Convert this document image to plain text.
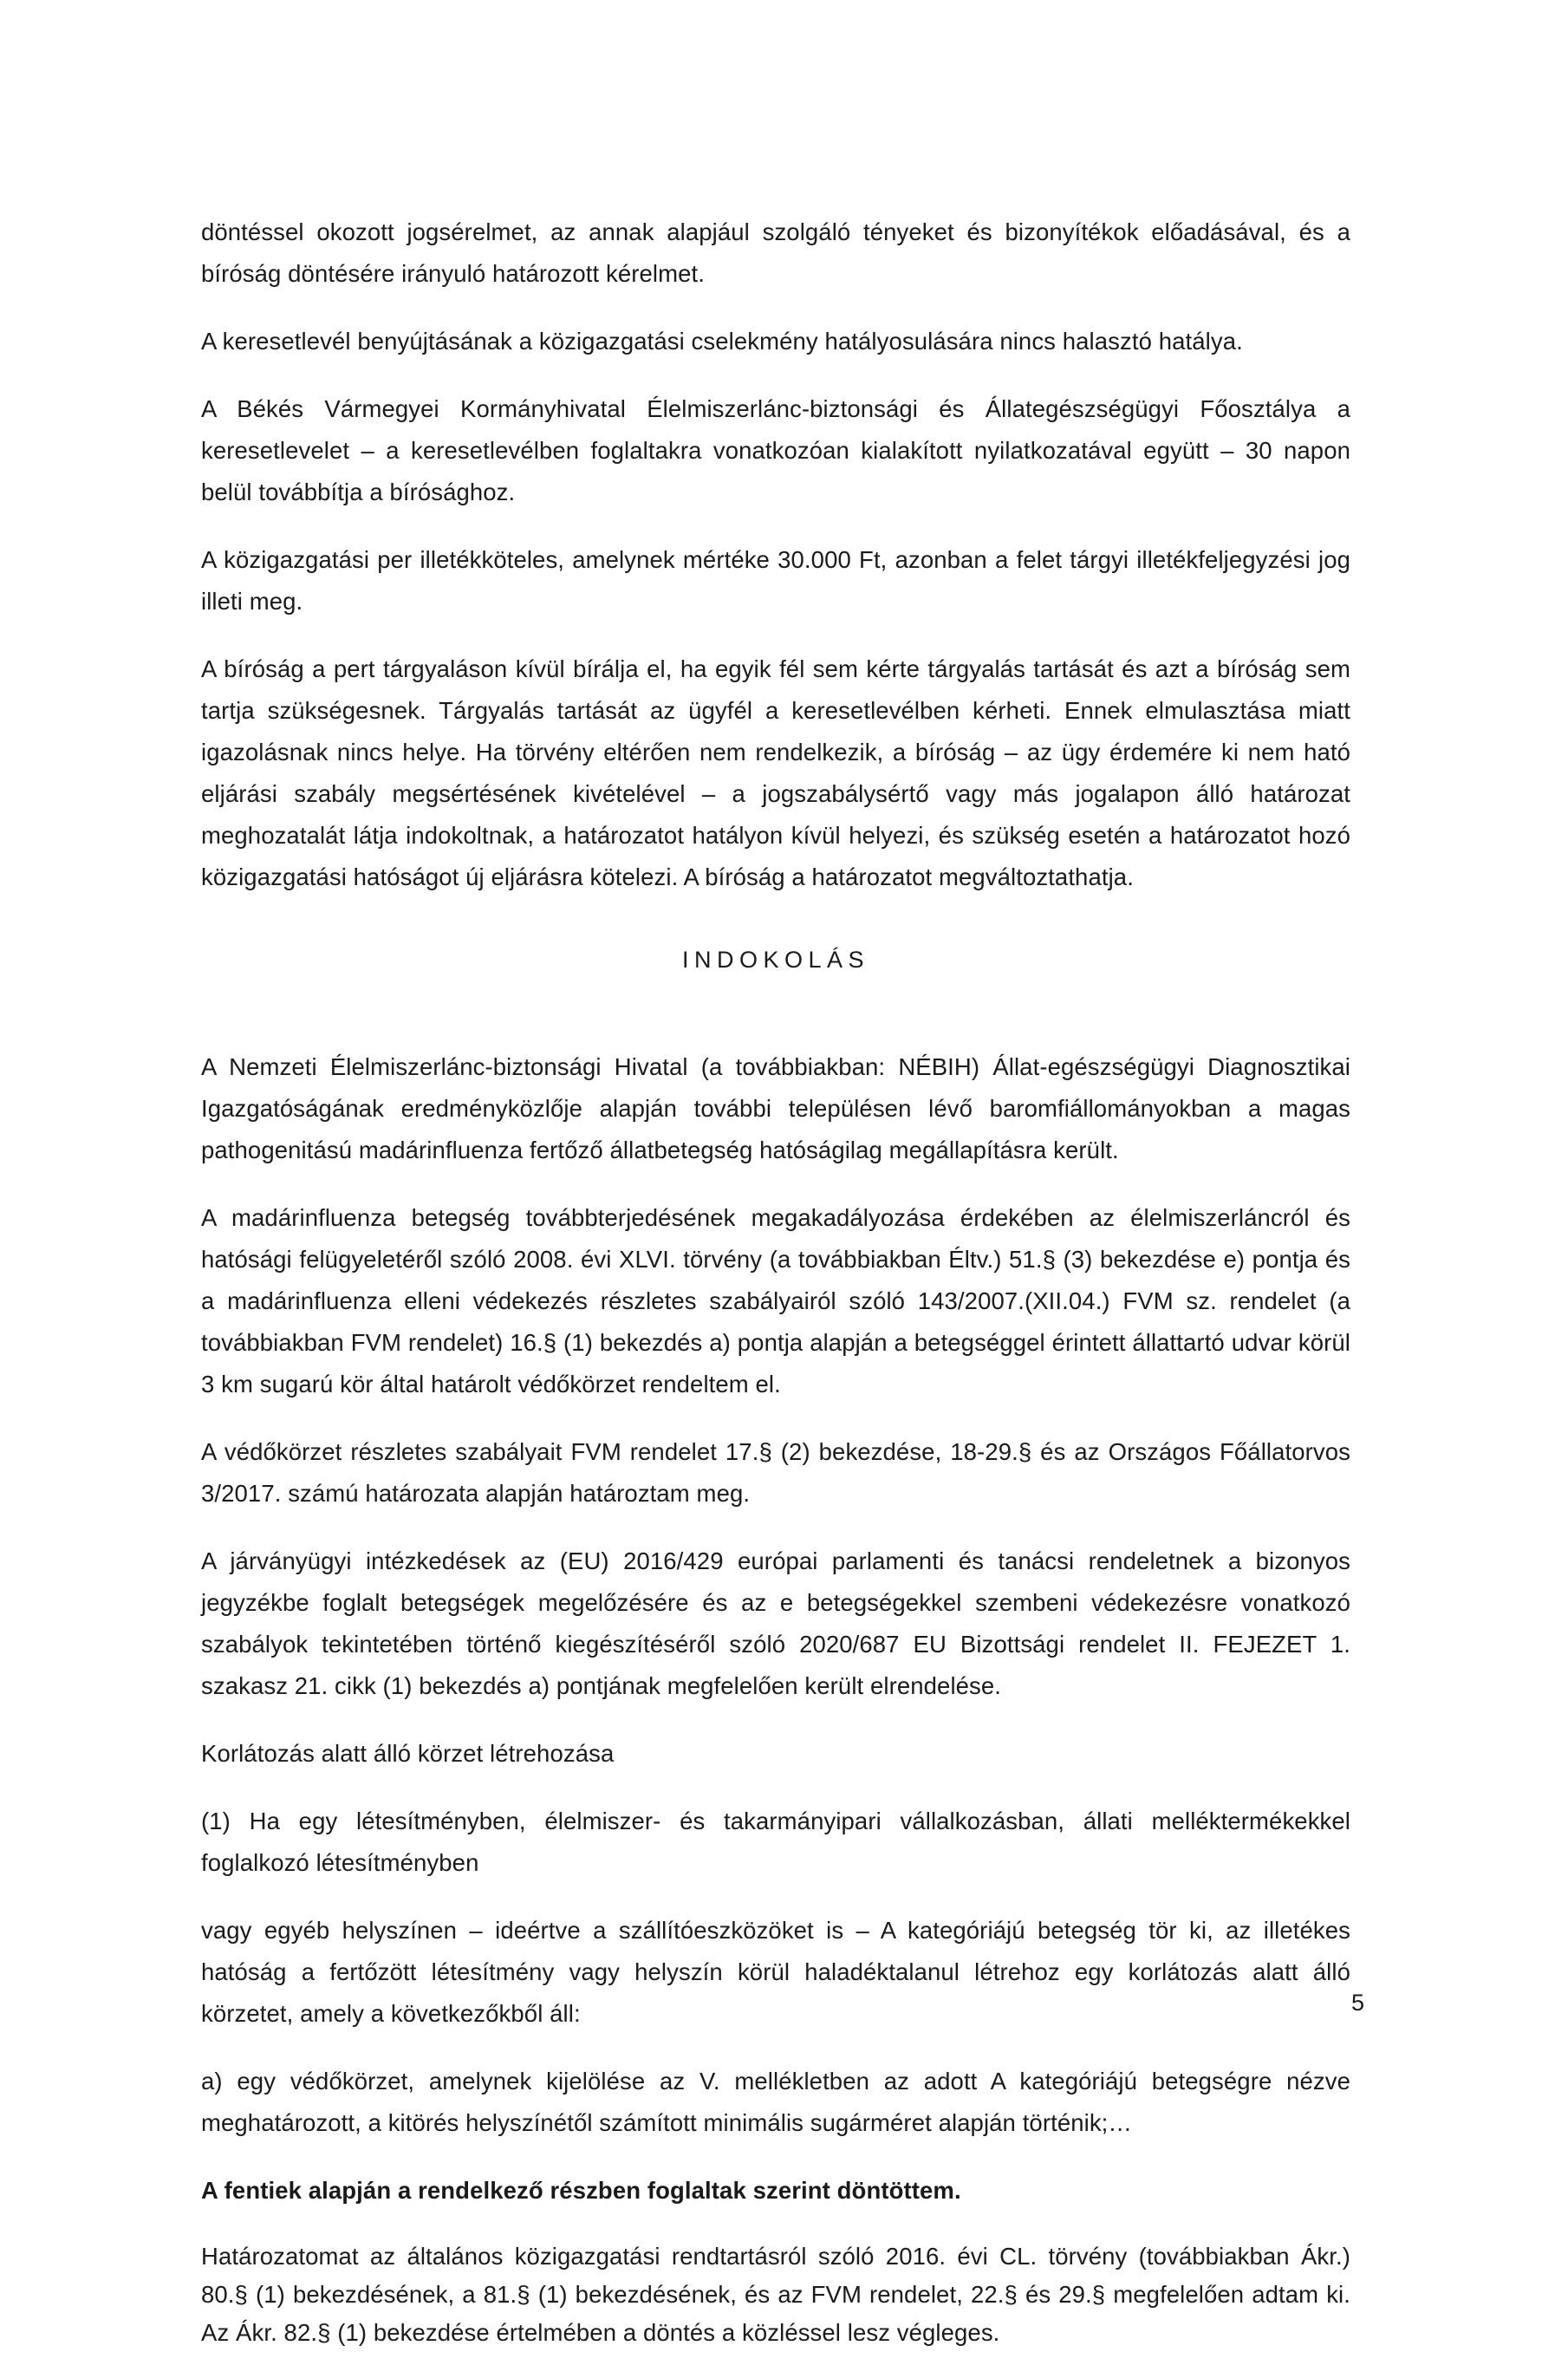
döntéssel okozott jogsérelmet, az annak alapjául szolgáló tényeket és bizonyítékok előadásával, és a bíróság döntésére irányuló határozott kérelmet.

A keresetlevél benyújtásának a közigazgatási cselekmény hatályosulására nincs halasztó hatálya.

A Békés Vármegyei Kormányhivatal Élelmiszerlánc-biztonsági és Állategészségügyi Főosztálya a keresetlevelet – a keresetlevélben foglaltakra vonatkozóan kialakított nyilatkozatával együtt – 30 napon belül továbbítja a bírósághoz.

A közigazgatási per illetékköteles, amelynek mértéke 30.000 Ft, azonban a felet tárgyi illetékfeljegyzési jog illeti meg.

A bíróság a pert tárgyaláson kívül bírálja el, ha egyik fél sem kérte tárgyalás tartását és azt a bíróság sem tartja szükségesnek. Tárgyalás tartását az ügyfél a keresetlevélben kérheti. Ennek elmulasztása miatt igazolásnak nincs helye. Ha törvény eltérően nem rendelkezik, a bíróság – az ügy érdemére ki nem ható eljárási szabály megsértésének kivételével – a jogszabálysértő vagy más jogalapon álló határozat meghozatalát látja indokoltnak, a határozatot hatályon kívül helyezi, és szükség esetén a határozatot hozó közigazgatási hatóságot új eljárásra kötelezi. A bíróság a határozatot megváltoztathatja.

INDOKOLÁS

A Nemzeti Élelmiszerlánc-biztonsági Hivatal (a továbbiakban: NÉBIH) Állat-egészségügyi Diagnosztikai Igazgatóságának eredményközlője alapján további településen lévő baromfiállományokban a magas pathogenitású madárinfluenza fertőző állatbetegség hatóságilag megállapításra került.

A madárinfluenza betegség továbbterjedésének megakadályozása érdekében az élelmiszerláncról és hatósági felügyeletéről szóló 2008. évi XLVI. törvény (a továbbiakban Éltv.) 51.§ (3) bekezdése e) pontja és a madárinfluenza elleni védekezés részletes szabályairól szóló 143/2007.(XII.04.) FVM sz. rendelet (a továbbiakban FVM rendelet) 16.§ (1) bekezdés a) pontja alapján a betegséggel érintett állattartó udvar körül 3 km sugarú kör által határolt védőkörzet rendeltem el.

A védőkörzet részletes szabályait FVM rendelet 17.§ (2) bekezdése, 18-29.§ és az Országos Főállatorvos 3/2017. számú határozata alapján határoztam meg.

A járványügyi intézkedések az (EU) 2016/429 európai parlamenti és tanácsi rendeletnek a bizonyos jegyzékbe foglalt betegségek megelőzésére és az e betegségekkel szembeni védekezésre vonatkozó szabályok tekintetében történő kiegészítéséről szóló 2020/687 EU Bizottsági rendelet II. FEJEZET 1. szakasz 21. cikk (1) bekezdés a) pontjának megfelelően került elrendelése.

Korlátozás alatt álló körzet létrehozása

(1) Ha egy létesítményben, élelmiszer- és takarmányipari vállalkozásban, állati melléktermékekkel foglalkozó létesítményben

vagy egyéb helyszínen – ideértve a szállítóeszközöket is – A kategóriájú betegség tör ki, az illetékes hatóság a fertőzött létesítmény vagy helyszín körül haladéktalanul létrehoz egy korlátozás alatt álló körzetet, amely a következőkből áll:

a) egy védőkörzet, amelynek kijelölése az V. mellékletben az adott A kategóriájú betegségre nézve meghatározott, a kitörés helyszínétől számított minimális sugárméret alapján történik;…

A fentiek alapján a rendelkező részben foglaltak szerint döntöttem.

Határozatomat az általános közigazgatási rendtartásról szóló 2016. évi CL. törvény (továbbiakban Ákr.) 80.§ (1) bekezdésének, a 81.§ (1) bekezdésének, és az FVM rendelet, 22.§ és 29.§ megfelelően adtam ki. Az Ákr. 82.§ (1) bekezdése értelmében a döntés a közléssel lesz végleges.

5
